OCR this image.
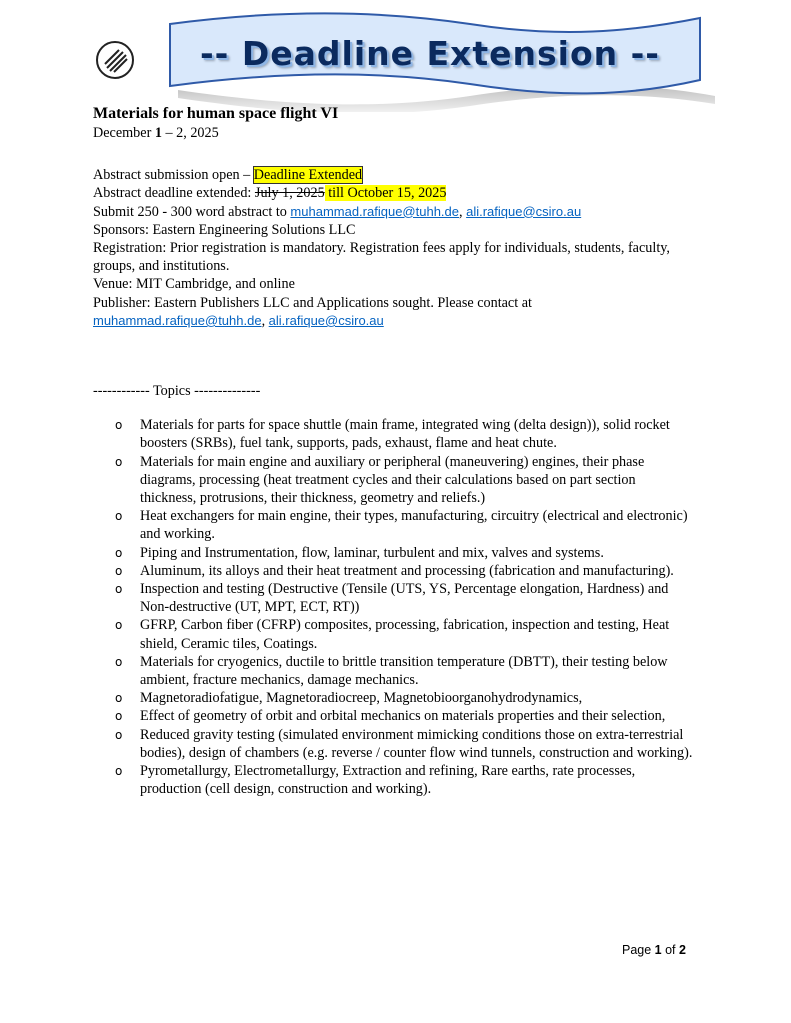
-- Deadline Extension --
Materials for human space flight VI
December 1 – 2, 2025
Abstract submission open – Deadline Extended
Abstract deadline extended: July 1, 2025 till October 15, 2025
Submit 250 - 300 word abstract to muhammad.rafique@tuhh.de, ali.rafique@csiro.au
Sponsors: Eastern Engineering Solutions LLC
Registration: Prior registration is mandatory. Registration fees apply for individuals, students, faculty, groups, and institutions.
Venue: MIT Cambridge, and online
Publisher: Eastern Publishers LLC and Applications sought. Please contact at
muhammad.rafique@tuhh.de, ali.rafique@csiro.au
------------ Topics --------------
o Materials for parts for space shuttle (main frame, integrated wing (delta design)), solid rocket boosters (SRBs), fuel tank, supports, pads, exhaust, flame and heat chute.
o Materials for main engine and auxiliary or peripheral (maneuvering) engines, their phase diagrams, processing (heat treatment cycles and their calculations based on part section thickness, protrusions, their thickness, geometry and reliefs.)
o Heat exchangers for main engine, their types, manufacturing, circuitry (electrical and electronic) and working.
o Piping and Instrumentation, flow, laminar, turbulent and mix, valves and systems.
o Aluminum, its alloys and their heat treatment and processing (fabrication and manufacturing).
o Inspection and testing (Destructive (Tensile (UTS, YS, Percentage elongation, Hardness) and Non-destructive (UT, MPT, ECT, RT))
o GFRP, Carbon fiber (CFRP) composites, processing, fabrication, inspection and testing, Heat shield, Ceramic tiles, Coatings.
o Materials for cryogenics, ductile to brittle transition temperature (DBTT), their testing below ambient, fracture mechanics, damage mechanics.
o Magnetoradiofatigue, Magnetoradiocreep, Magnetobioorganohydrodynamics,
o Effect of geometry of orbit and orbital mechanics on materials properties and their selection,
o Reduced gravity testing (simulated environment mimicking conditions those on extra-terrestrial bodies), design of chambers (e.g. reverse / counter flow wind tunnels, construction and working).
o Pyrometallurgy, Electrometallurgy, Extraction and refining, Rare earths, rate processes, production (cell design, construction and working).
Page 1 of 2
